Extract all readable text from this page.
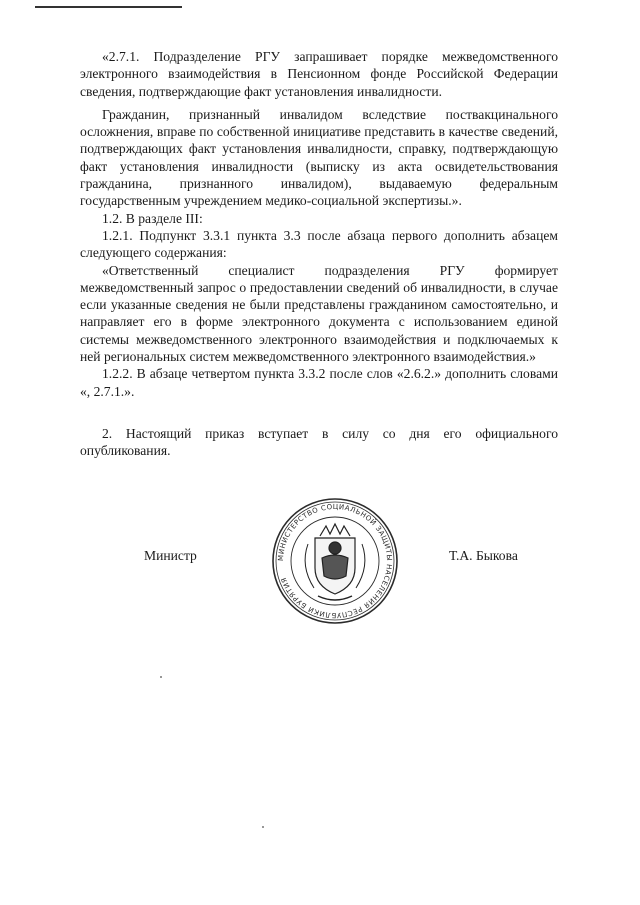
«2.7.1. Подразделение РГУ запрашивает порядке межведомственного электронного взаимодействия в Пенсионном фонде Российской Федерации сведения, подтверждающие факт установления инвалидности.

Гражданин, признанный инвалидом вследствие поствакцинального осложнения, вправе по собственной инициативе представить в качестве сведений, подтверждающих факт установления инвалидности, справку, подтверждающую факт установления инвалидности (выписку из акта освидетельствования гражданина, признанного инвалидом), выдаваемую федеральным государственным учреждением медико-социальной экспертизы.».

1.2. В разделе III:

1.2.1. Подпункт 3.3.1 пункта 3.3 после абзаца первого дополнить абзацем следующего содержания:

«Ответственный специалист подразделения РГУ формирует межведомственный запрос о предоставлении сведений об инвалидности, в случае если указанные сведения не были представлены гражданином самостоятельно, и направляет его в форме электронного документа с использованием единой системы межведомственного электронного взаимодействия и подключаемых к ней региональных систем межведомственного электронного взаимодействия.»

1.2.2. В абзаце четвертом пункта 3.3.2 после слов «2.6.2.» дополнить словами «, 2.7.1.».

2. Настоящий приказ вступает в силу со дня его официального опубликования.

Министр	МИНИСТЕРСТВО СОЦИАЛЬНОЙ ЗАЩИТЫ НАСЕЛЕНИЯ РЕСПУБЛИКИ БУРЯТИЯ
Т.А. Быкова
